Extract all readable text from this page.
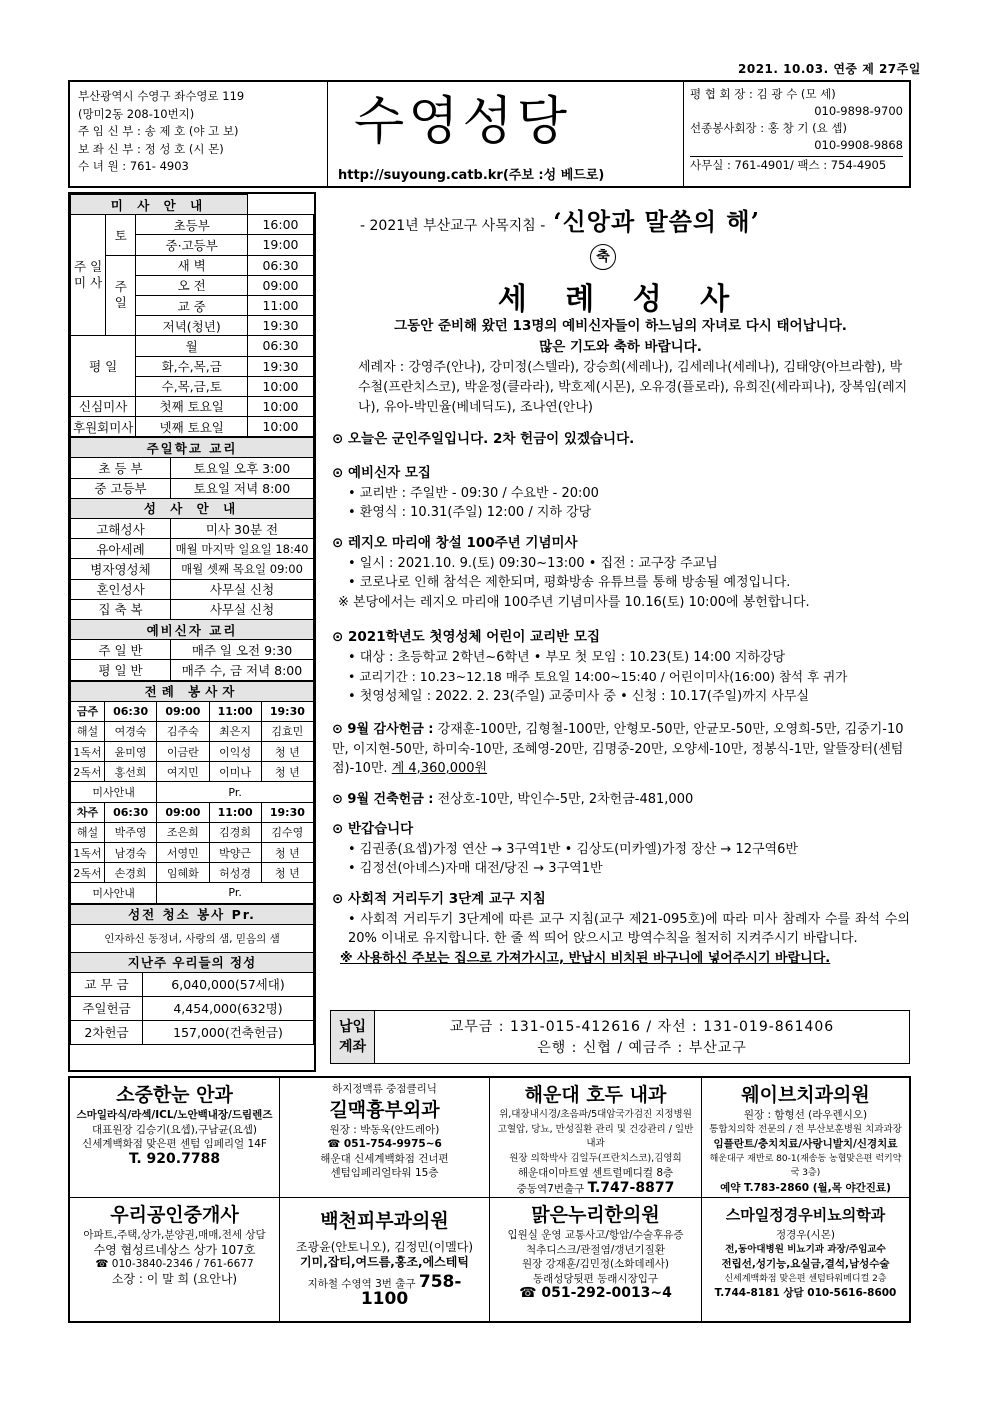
2021. 10.03. 연중 제 27주일
부산광역시 수영구 좌수영로 119
(망미2동 208-10번지)
주 임 신 부 : 송 제 호 (야 고 보)
보 좌 신 부 : 정 성 호 (시 몬)
수 녀 원 : 761- 4903
수영성당
http://suyoung.catb.kr(주보 :성 베드로)
평 협 회 장 : 김 광 수 (모 세)
010-9898-9700
선종봉사회장 : 홍 창 기 (요 셉)
010-9908-9868
사무실 : 761-4901/ 팩스 : 754-4905
미 사 안 내			
주 일 미 사	토	초등부	16:00
		중·고등부	19:00
	주 일	새 벽	06:30
		오 전	09:00
		교 중	11:00
		저녁(청년)	19:30
평 일		월	06:30
		화,수,목,금	19:30
		수,목,금,토	10:00
신심미사		첫째 토요일	10:00
후원회미사		넷째 토요일	10:00
주일학교 교리	
초 등 부	토요일 오후 3:00
중 고등부	토요일 저녁 8:00
성 사 안 내	
고해성사	미사 30분 전
유아세례	매월 마지막 일요일 18:40
병자영성체	매월 셋째 목요일 09:00
혼인성사	사무실 신청
집 축 복	사무실 신청
예비신자 교리	
주 일 반	매주 일 오전 9:30
평 일 반	매주 수, 금 저녁 8:00
전례 봉사자				
금주	06:30	09:00	11:00	19:30
해설	여경숙	김주숙	최은지	김효민
1독서	윤미영	이금란	이익성	청 년
2독서	홍선희	여지민	이미나	청 년
미사안내		Pr.		
차주	06:30	09:00	11:00	19:30
해설	박주영	조은희	김경희	김수영
1독서	남경숙	서영민	박양근	청 년
2독서	손경희	임혜화	허성경	청 년
미사안내		Pr.		
성전 청소 봉사 Pr.	
인자하신 동정녀, 사랑의 샘, 믿음의 샘	
지난주 우리들의 정성	
교 무 금	6,040,000(57세대)
주일헌금	4,454,000(632명)
2차헌금	157,000(건축헌금)
- 2021년 부산교구 사목지침 - ‘신앙과 말씀의 해’
축
세 례 성 사
그동안 준비해 왔던 13명의 예비신자들이 하느님의 자녀로 다시 태어납니다.
많은 기도와 축하 바랍니다.
세례자 : 강영주(안나), 강미정(스텔라), 강승희(세레나), 김세레나(세레나), 김태양(아브라함), 박수철(프란치스코), 박윤정(클라라), 박호제(시몬), 오유경(플로라), 유희진(세라피나), 장복임(레지나), 유아-박민율(베네딕도), 조나연(안나)
⊙ 오늘은 군인주일입니다. 2차 헌금이 있겠습니다.
⊙ 예비신자 모집

• 교리반 : 주일반 - 09:30 / 수요반 - 20:00

• 환영식 : 10.31(주일) 12:00 / 지하 강당

⊙ 레지오 마리애 창설 100주년 기념미사

• 일시 : 2021.10. 9.(토) 09:30~13:00 • 집전 : 교구장 주교님

• 코로나로 인해 참석은 제한되며, 평화방송 유튜브를 통해 방송될 예정입니다.

※ 본당에서는 레지오 마리애 100주년 기념미사를 10.16(토) 10:00에 봉헌합니다.

⊙ 2021학년도 첫영성체 어린이 교리반 모집

• 대상 : 초등학교 2학년~6학년 • 부모 첫 모임 : 10.23(토) 14:00 지하강당

• 교리기간 : 10.23~12.18 매주 토요일 14:00~15:40 / 어린이미사(16:00) 참석 후 귀가

• 첫영성체일 : 2022. 2. 23(주일) 교중미사 중 • 신청 : 10.17(주일)까지 사무실

⊙ 9월 감사헌금 : 강재훈-100만, 김형철-100만, 안형모-50만, 안균모-50만, 오영희-5만, 김중기-10만, 이지현-50만, 하미숙-10만, 조혜영-20만, 김명중-20만, 오양세-10만, 정봉식-1만, 알뜰장터(센텀점)-10만. 계 4,360,000원
⊙ 9월 건축헌금 : 전상호-10만, 박인수-5만, 2차헌금-481,000
⊙ 반갑습니다

• 김권종(요셉)가정 연산 → 3구역1반 • 김상도(미카엘)가정 장산 → 12구역6반

• 김정선(아녜스)자매 대전/당진 → 3구역1반

⊙ 사회적 거리두기 3단계 교구 지침

• 사회적 거리두기 3단계에 따른 교구 지침(교구 제21-095호)에 따라 미사 참례자 수를 좌석 수의 20% 이내로 유지합니다. 한 줄 씩 띄어 앉으시고 방역수칙을 철저히 지켜주시기 바랍니다.

※ 사용하신 주보는 집으로 가져가시고, 반납시 비치된 바구니에 넣어주시기 바랍니다.
납입 계좌
교무금 : 131-015-412616 / 자선 : 131-019-861406
은행 : 신협 / 예금주 : 부산교구
소중한눈 안과
스마일라식/라섹/ICL/노안백내장/드림렌즈
대표원장 김승기(요셉),구남균(요셉)
신세계백화점 맞은편 센텀 임페리얼 14F
T. 920.7788
하지정맥류 중점클리닉
길맥흉부외과
원장 : 박동욱(안드레아)
☎ 051-754-9975~6
해운대 신세계백화점 건너편
센텀임페리얼타워 15층
해운대 호두 내과
위,대장내시경/초음파/5대암국가검진 지정병원
고혈압, 당뇨, 만성질환 관리 및 건강관리 / 일반내과
원장 의학박사 김일두(프란치스코),김영희
해운대이마트옆 센트럴메디컬 8층
중동역7번출구 T.747-8877
웨이브치과의원
원장 : 함형선 (라우렌시오)
통합치의학 전문의 / 전 부산보훈병원 치과과장
임플란트/충치치료/사랑니발치/신경치료
해운대구 재반로 80-1(재송동 농협맞은편 럭키약국 3층)
예약 T.783-2860 (월,목 야간진료)
우리공인중개사
아파트,주택,상가,분양권,매매,전세 상담
수영 협성르네상스 상가 107호
☎ 010-3840-2346 / 761-6677
소장 : 이 말 희 (요안나)
백천피부과의원
조광윤(안토니오), 김정민(이멜다)
기미,잡티,여드름,홍조,에스테틱
지하철 수영역 3번 출구 758-1100
맑은누리한의원
입원실 운영 교통사고/항암/수술후유증
척추디스크/관절염/갱년기질환
원장 강재훈/김민정(소화데레사)
동래성당뒷편 동래시장입구
☎ 051-292-0013~4
스마일정경우비뇨의학과
정경우(시몬)
전,동아대병원 비뇨기과 과장/주임교수
전립선,성기능,요실금,결석,남성수술
신세계백화점 맞은편 센텀타워메디컬 2층
T.744-8181 상담 010-5616-8600
